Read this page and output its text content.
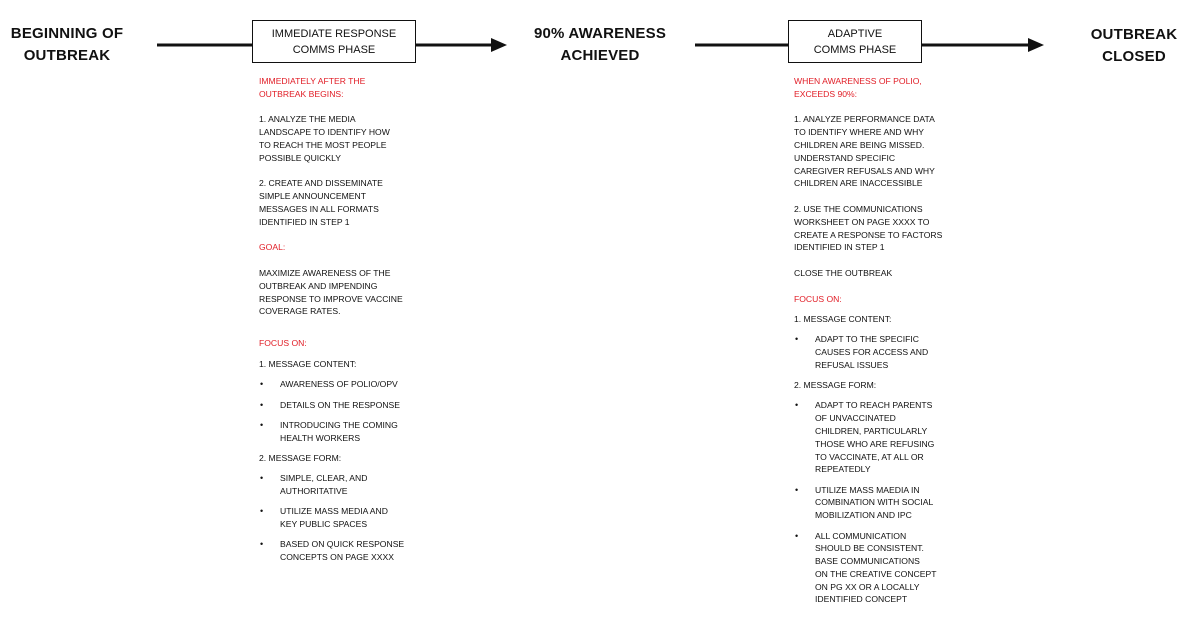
BEGINNING OF
OUTBREAK
90% AWARENESS
ACHIEVED
OUTBREAK
CLOSED
IMMEDIATE RESPONSE
COMMS PHASE
ADAPTIVE
COMMS PHASE
IMMEDIATELY AFTER THE
OUTBREAK BEGINS:
1. ANALYZE THE MEDIA
LANDSCAPE TO IDENTIFY HOW
TO REACH THE MOST PEOPLE
POSSIBLE QUICKLY
2. CREATE AND DISSEMINATE
SIMPLE ANNOUNCEMENT
MESSAGES IN ALL FORMATS
IDENTIFIED IN STEP 1
GOAL:
MAXIMIZE AWARENESS OF THE
OUTBREAK AND IMPENDING
RESPONSE TO IMPROVE VACCINE
COVERAGE RATES.
FOCUS ON:
1. MESSAGE CONTENT:
• AWARENESS OF POLIO/OPV
• DETAILS ON THE RESPONSE
• INTRODUCING THE COMING
HEALTH WORKERS
2. MESSAGE FORM:
• SIMPLE, CLEAR, AND
AUTHORITATIVE
• UTILIZE MASS MEDIA AND
KEY PUBLIC SPACES
• BASED ON QUICK RESPONSE
CONCEPTS ON PAGE XXXX
WHEN AWARENESS OF POLIO,
EXCEEDS 90%:
1. ANALYZE PERFORMANCE DATA
TO IDENTIFY WHERE AND WHY
CHILDREN ARE BEING MISSED.
UNDERSTAND SPECIFIC
CAREGIVER REFUSALS AND WHY
CHILDREN ARE INACCESSIBLE
2. USE THE COMMUNICATIONS
WORKSHEET ON PAGE XXXX TO
CREATE A RESPONSE TO FACTORS
IDENTIFIED IN STEP 1
CLOSE THE OUTBREAK
FOCUS ON:
1. MESSAGE CONTENT:
• ADAPT TO THE SPECIFIC
CAUSES FOR ACCESS AND
REFUSAL ISSUES
2. MESSAGE FORM:
• ADAPT TO REACH PARENTS
OF UNVACCINATED
CHILDREN, PARTICULARLY
THOSE WHO ARE REFUSING
TO VACCINATE, AT ALL OR
REPEATEDLY
• UTILIZE MASS MAEDIA IN
COMBINATION WITH SOCIAL
MOBILIZATION AND IPC
• ALL COMMUNICATION
SHOULD BE CONSISTENT.
BASE COMMUNICATIONS
ON THE CREATIVE CONCEPT
ON PG XX OR A LOCALLY
IDENTIFIED CONCEPT
